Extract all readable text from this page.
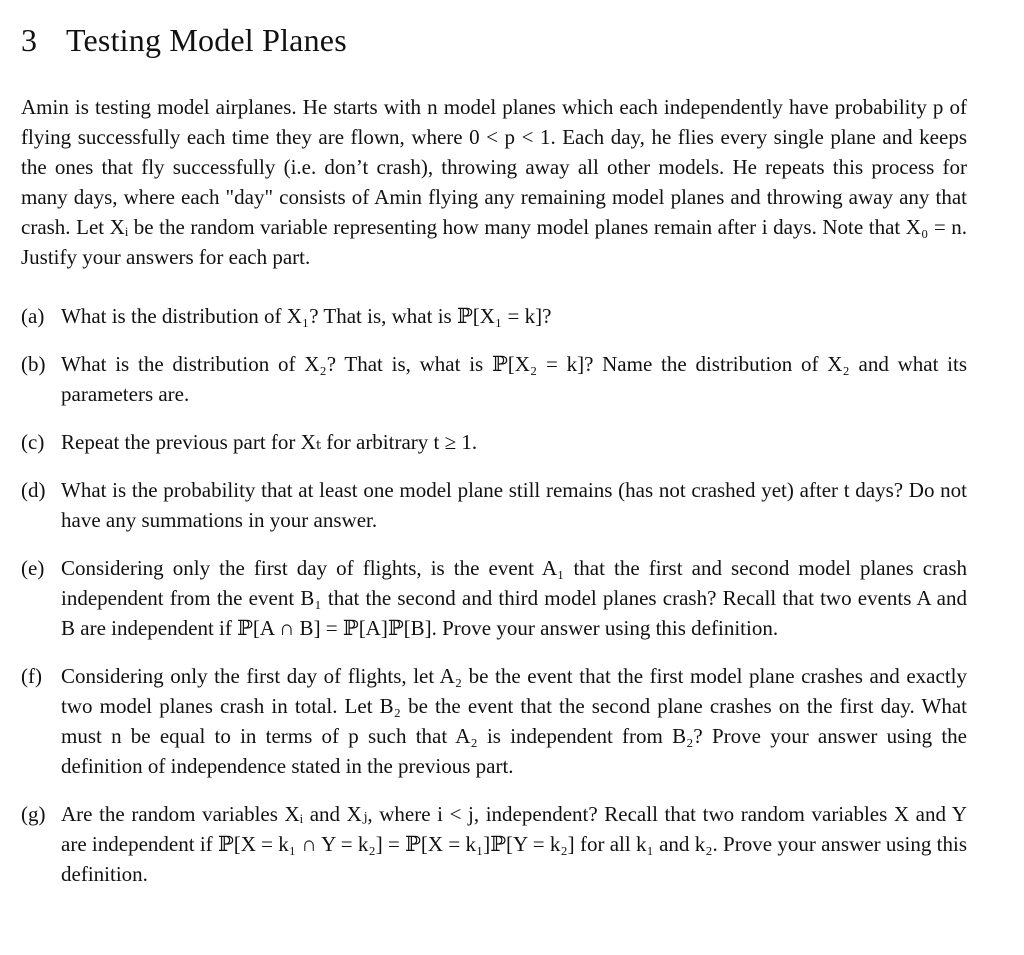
3 Testing Model Planes

Amin is testing model airplanes. He starts with n model planes which each independently have probability p of flying successfully each time they are flown, where 0 < p < 1. Each day, he flies every single plane and keeps the ones that fly successfully (i.e. don’t crash), throwing away all other models. He repeats this process for many days, where each "day" consists of Amin flying any remaining model planes and throwing away any that crash. Let Xᵢ be the random variable representing how many model planes remain after i days. Note that X₀ = n. Justify your answers for each part.

(a) What is the distribution of X₁? That is, what is ℙ[X₁ = k]?
(b) What is the distribution of X₂? That is, what is ℙ[X₂ = k]? Name the distribution of X₂ and what its parameters are.
(c) Repeat the previous part for Xₜ for arbitrary t ≥ 1.
(d) What is the probability that at least one model plane still remains (has not crashed yet) after t days? Do not have any summations in your answer.
(e) Considering only the first day of flights, is the event A₁ that the first and second model planes crash independent from the event B₁ that the second and third model planes crash? Recall that two events A and B are independent if ℙ[A ∩ B] = ℙ[A]ℙ[B]. Prove your answer using this definition.
(f) Considering only the first day of flights, let A₂ be the event that the first model plane crashes and exactly two model planes crash in total. Let B₂ be the event that the second plane crashes on the first day. What must n be equal to in terms of p such that A₂ is independent from B₂? Prove your answer using the definition of independence stated in the previous part.
(g) Are the random variables Xᵢ and Xⱼ, where i < j, independent? Recall that two random variables X and Y are independent if ℙ[X = k₁ ∩ Y = k₂] = ℙ[X = k₁]ℙ[Y = k₂] for all k₁ and k₂. Prove your answer using this definition.
